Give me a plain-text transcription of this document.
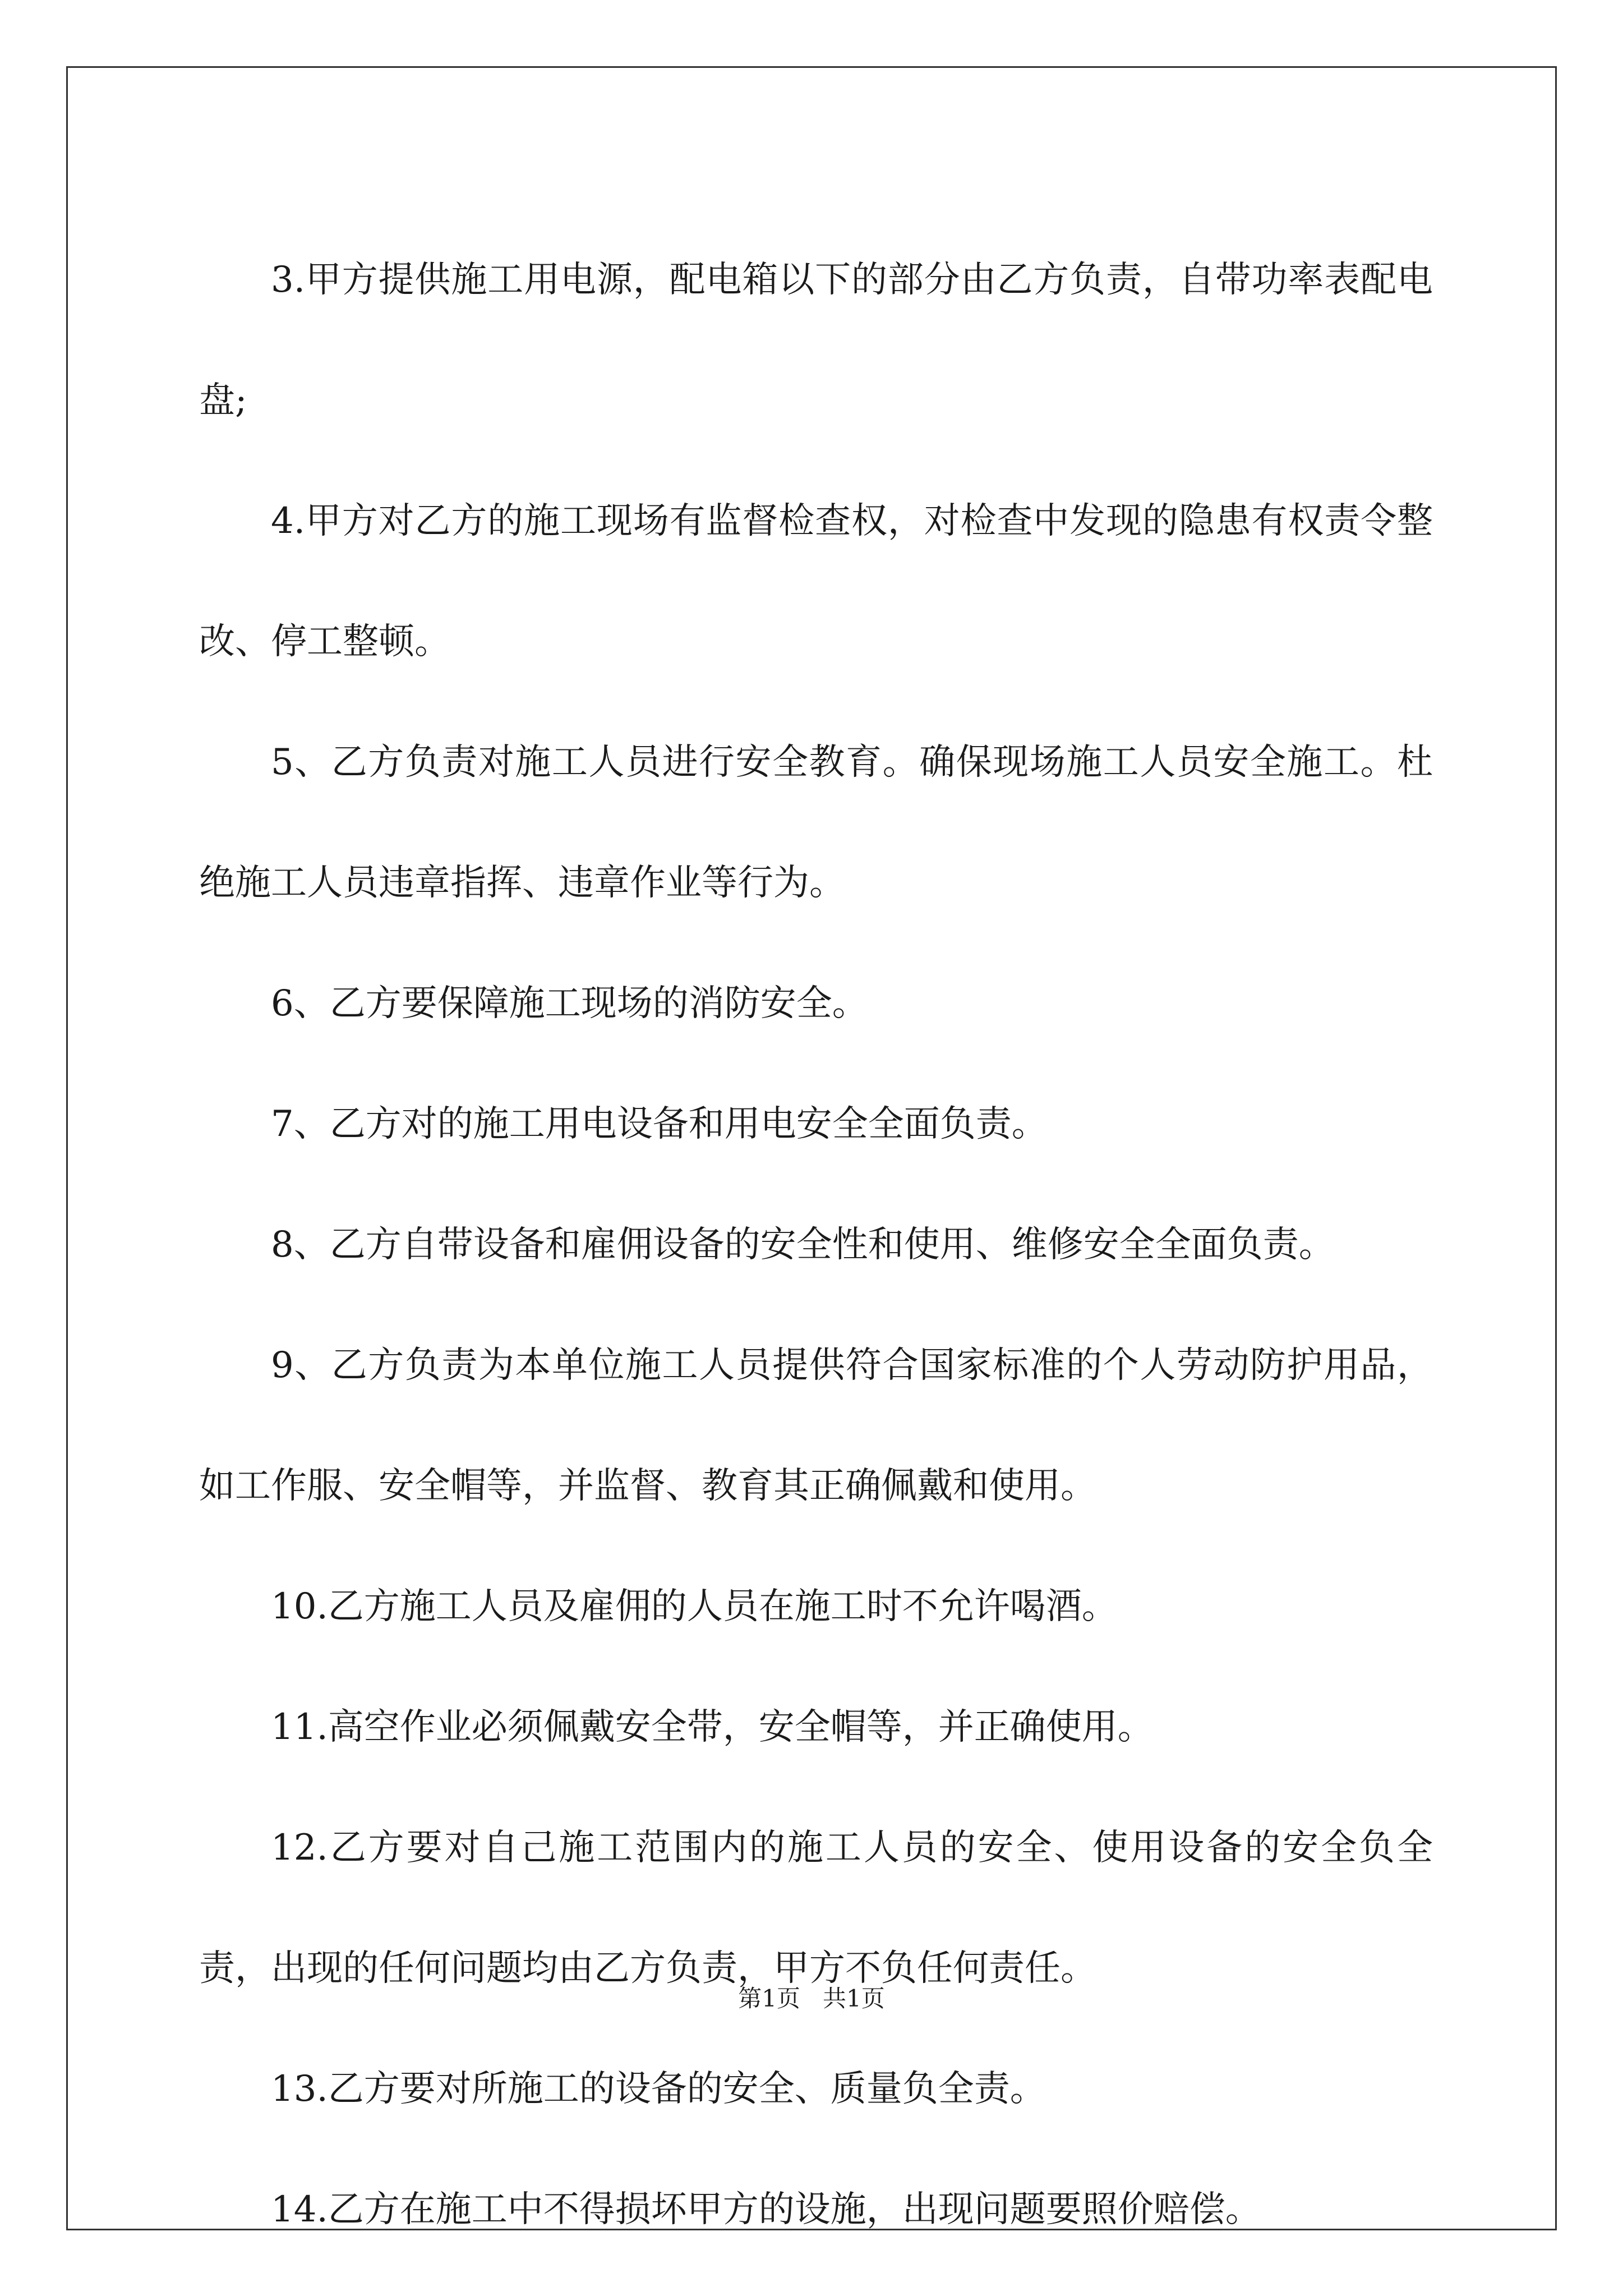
3.甲方提供施工用电源，配电箱以下的部分由乙方负责，自带功率表配电盘;

4.甲方对乙方的施工现场有监督检查权，对检查中发现的隐患有权责令整改、停工整顿。

5、乙方负责对施工人员进行安全教育。确保现场施工人员安全施工。杜绝施工人员违章指挥、违章作业等行为。

6、乙方要保障施工现场的消防安全。

7、乙方对的施工用电设备和用电安全全面负责。

8、乙方自带设备和雇佣设备的安全性和使用、维修安全全面负责。

9、乙方负责为本单位施工人员提供符合国家标准的个人劳动防护用品，如工作服、安全帽等，并监督、教育其正确佩戴和使用。

10.乙方施工人员及雇佣的人员在施工时不允许喝酒。

11.高空作业必须佩戴安全带，安全帽等，并正确使用。

12.乙方要对自己施工范围内的施工人员的安全、使用设备的安全负全责，出现的任何问题均由乙方负责，甲方不负任何责任。

13.乙方要对所施工的设备的安全、质量负全责。

14.乙方在施工中不得损坏甲方的设施，出现问题要照价赔偿。

第1页   共1页
